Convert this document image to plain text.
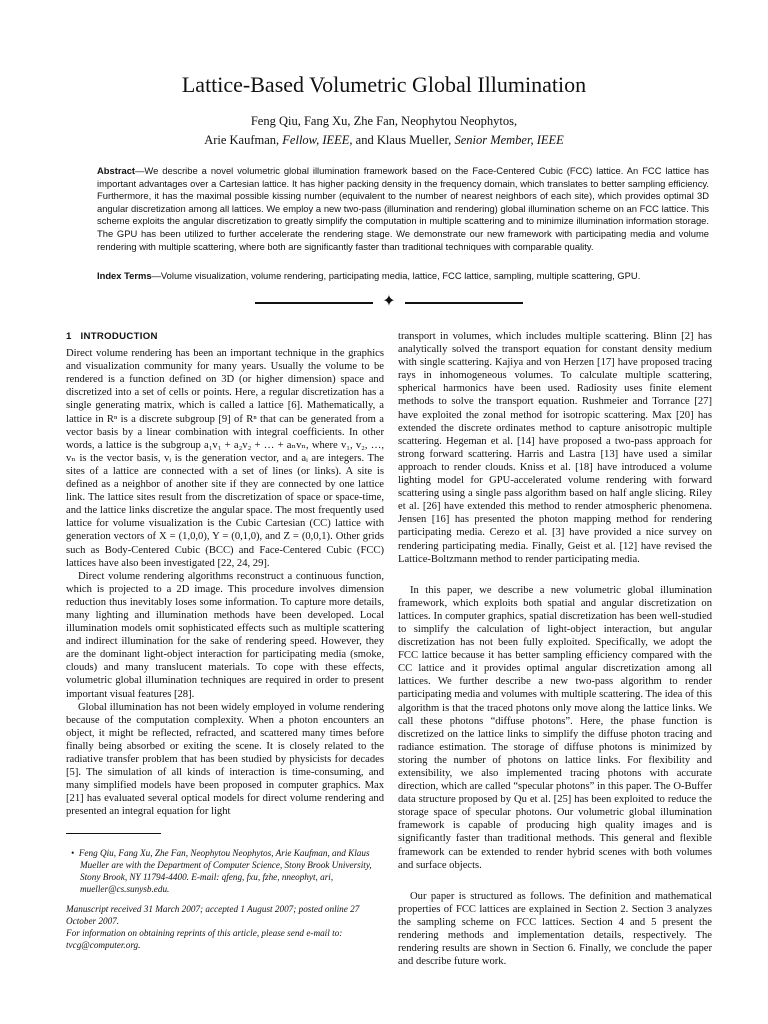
Lattice-Based Volumetric Global Illumination
Feng Qiu, Fang Xu, Zhe Fan, Neophytou Neophytos,
Arie Kaufman, Fellow, IEEE, and Klaus Mueller, Senior Member, IEEE
Abstract—We describe a novel volumetric global illumination framework based on the Face-Centered Cubic (FCC) lattice. An FCC lattice has important advantages over a Cartesian lattice. It has higher packing density in the frequency domain, which translates to better sampling efficiency. Furthermore, it has the maximal possible kissing number (equivalent to the number of nearest neighbors of each site), which provides optimal 3D angular discretization among all lattices. We employ a new two-pass (illumination and rendering) global illumination scheme on an FCC lattice. This scheme exploits the angular discretization to greatly simplify the computation in multiple scattering and to minimize illumination information storage. The GPU has been utilized to further accelerate the rendering stage. We demonstrate our new framework with participating media and volume rendering with multiple scattering, where both are significantly faster than traditional techniques with comparable quality.
Index Terms—Volume visualization, volume rendering, participating media, lattice, FCC lattice, sampling, multiple scattering, GPU.
✦

1 INTRODUCTION

Direct volume rendering has been an important technique in the graphics and visualization community for many years. Usually the volume to be rendered is a function defined on 3D (or higher dimension) space and discretized into a set of cells or points. Here, a regular discretization has a single generating matrix, which is called a lattice [6]. Mathematically, a lattice in Rⁿ is a discrete subgroup [9] of Rⁿ that can be generated from a vector basis by a linear combination with integral coefficients. In other words, a lattice is the subgroup a₁v₁ + a₂v₂ + … + aₙvₙ, where v₁, v₂, …, vₙ is the vector basis, vᵢ is the generation vector, and aᵢ are integers. The sites of a lattice are connected with a set of lines (or links). A site is defined as a neighbor of another site if they are connected by one lattice link. The lattice sites result from the discretization of space or space-time, and the lattice links discretize the angular space. The most frequently used lattice for volume visualization is the Cubic Cartesian (CC) lattice with generation vectors of X = (1,0,0), Y = (0,1,0), and Z = (0,0,1). Other grids such as Body-Centered Cubic (BCC) and Face-Centered Cubic (FCC) lattices have also been investigated [22, 24, 29].

Direct volume rendering algorithms reconstruct a continuous function, which is projected to a 2D image. This procedure involves dimension reduction thus inevitably loses some information. To capture more details, many lighting and illumination methods have been developed. Local illumination models omit sophisticated effects such as multiple scattering and indirect illumination for the sake of rendering speed. However, they are the dominant light-object interaction for participating media (smoke, clouds) and many translucent materials. To cope with these effects, volumetric global illumination techniques are required in order to present important visual features [28].

Global illumination has not been widely employed in volume rendering because of the computation complexity. When a photon encounters an object, it might be reflected, refracted, and scattered many times before finally being absorbed or exiting the scene. It is closely related to the radiative transfer problem that has been studied by physicists for decades [5]. The simulation of all kinds of interaction is time-consuming, and many simplified models have been proposed in computer graphics. Max [21] has evaluated several optical models for direct volume rendering and presented an integral equation for light

• Feng Qiu, Fang Xu, Zhe Fan, Neophytou Neophytos, Arie Kaufman, and Klaus Mueller are with the Department of Computer Science, Stony Brook University, Stony Brook, NY 11794-4400. E-mail: qfeng, fxu, fzhe, nneophyt, ari, mueller@cs.sunysb.edu.

Manuscript received 31 March 2007; accepted 1 August 2007; posted online 27 October 2007.

For information on obtaining reprints of this article, please send e-mail to: tvcg@computer.org.

transport in volumes, which includes multiple scattering. Blinn [2] has analytically solved the transport equation for constant density medium with single scattering. Kajiya and von Herzen [17] have proposed tracing rays in inhomogeneous volumes. To calculate multiple scattering, spherical harmonics have been used. Radiosity uses finite element methods to solve the transport equation. Rushmeier and Torrance [27] have exploited the zonal method for isotropic scattering. Max [20] has extended the discrete ordinates method to capture anisotropic multiple scattering. Hegeman et al. [14] have proposed a two-pass approach for strong forward scattering. Harris and Lastra [13] have used a similar approach to render clouds. Kniss et al. [18] have introduced a volume lighting model for GPU-accelerated volume rendering with forward scattering using a single pass algorithm based on half angle slicing. Riley et al. [26] have extended this method to render atmospheric phenomena. Jensen [16] has presented the photon mapping method for rendering participating media. Cerezo et al. [3] have provided a nice survey on rendering participating media. Finally, Geist et al. [12] have revised the Lattice-Boltzmann method to render participating media.

In this paper, we describe a new volumetric global illumination framework, which exploits both spatial and angular discretization on lattices. In computer graphics, spatial discretization has been well-studied to simplify the calculation of light-object interaction, but angular discretization has not been fully exploited. Specifically, we adopt the FCC lattice because it has better sampling efficiency compared with the CC lattice and it provides optimal angular discretization among all lattices. We further describe a new two-pass algorithm to render participating media and volumes with multiple scattering. The idea of this algorithm is that the traced photons only move along the lattice links. We call these photons “diffuse photons”. Here, the phase function is discretized on the lattice links to simplify the diffuse photon tracing and radiance estimation. The storage of diffuse photons is minimized by storing the number of photons on lattice links. For flexibility and extensibility, we also implemented tracing photons with accurate direction, which are called “specular photons” in this paper. The O-Buffer data structure proposed by Qu et al. [25] has been exploited to reduce the storage space of specular photons. Our volumetric global illumination framework is capable of producing high quality images and is significantly faster than traditional methods. This general and flexible framework can be extended to render hybrid scenes with both volumes and surface objects.

Our paper is structured as follows. The definition and mathematical properties of FCC lattices are explained in Section 2. Section 3 analyzes the sampling scheme on FCC lattices. Section 4 and 5 present the rendering methods and implementation details, respectively. The rendering results are shown in Section 6. Finally, we conclude the paper and describe future work.
